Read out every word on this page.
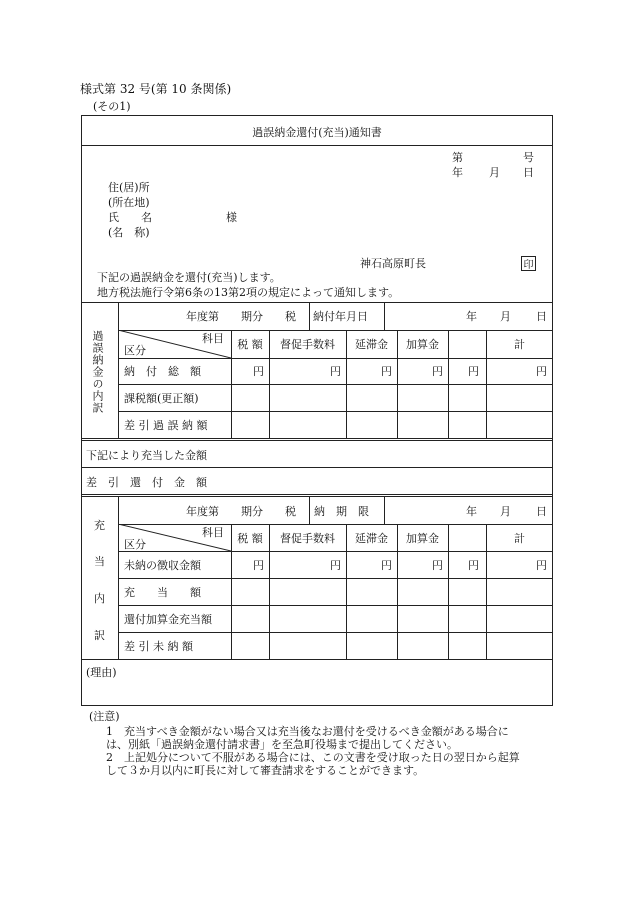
様式第 32 号(第 10 条関係)
(その1)
過誤納金還付(充当)通知書
第	号
年 月 日
住(居)所
(所在地)
氏　　名	様
(名　称)
神石高原町長	印
下記の過誤納金を還付(充当)します。
地方税法施行令第6条の13第2項の規定によって通知します。
過誤納金の内訳
年度第　　期分　　税 納付年月日	年 月 日
科目
区分	税 額	督促手数料	延滞金	加算金	計
納　付　総　額	円	円	円	円 円	円
課税額(更正額)
差 引 過 誤 納 額
下記により充当した金額
差　引　還　付　金　額
充
当
内
訳
年度第　　期分　　税 納　期　限	年 月 日
科目
区分	税 額	督促手数料	延滞金	加算金	計
未納の徴収金額	円	円	円	円 円	円
充　　当　　額
還付加算金充当額
差 引 未 納 額
(理由)
(注意)
1　充当すべき金額がない場合又は充当後なお還付を受けるべき金額がある場合に
は、別紙「過誤納金還付請求書」を至急町役場まで提出してください。
2　上記処分について不服がある場合には、この文書を受け取った日の翌日から起算
して３か月以内に町長に対して審査請求をすることができます。
